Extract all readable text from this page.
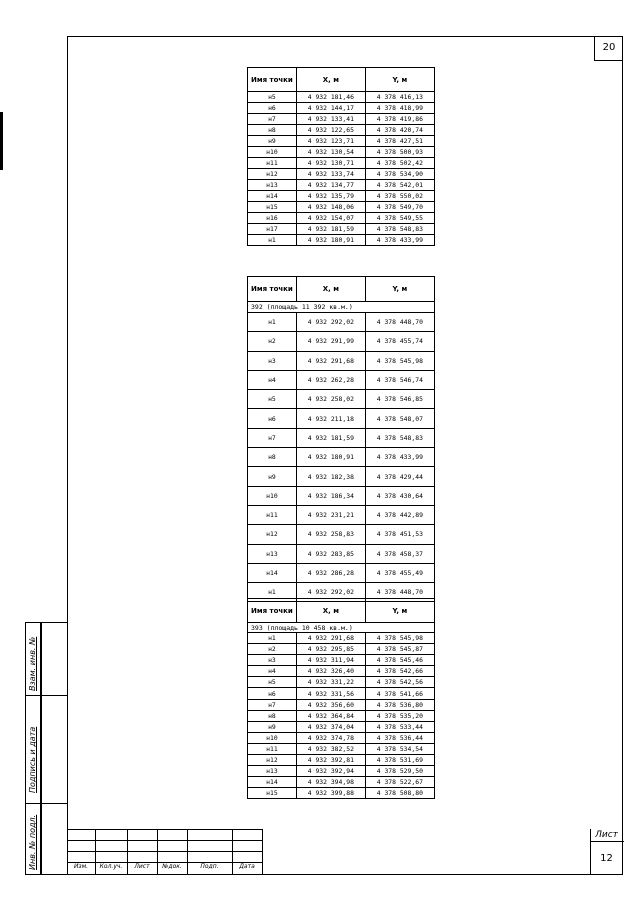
20
Инв. № подл.
Подпись и дата
Взам. инв. №
Имя точки	X, м	Y, м
н5	4 932 181,46	4 378 416,13
н6	4 932 144,17	4 378 418,99
н7	4 932 133,41	4 378 419,86
н8	4 932 122,65	4 378 420,74
н9	4 932 123,71	4 378 427,51
н10	4 932 130,54	4 378 500,93
н11	4 932 130,71	4 378 502,42
н12	4 932 133,74	4 378 534,90
н13	4 932 134,77	4 378 542,01
н14	4 932 135,79	4 378 550,02
н15	4 932 148,06	4 378 549,70
н16	4 932 154,07	4 378 549,55
н17	4 932 181,59	4 378 548,83
н1	4 932 180,91	4 378 433,99
Имя точки	X, м	Y, м
392 (площадь 11 392 кв.м.)		
н1	4 932 292,02	4 378 448,70
н2	4 932 291,99	4 378 455,74
н3	4 932 291,68	4 378 545,98
н4	4 932 262,28	4 378 546,74
н5	4 932 258,02	4 378 546,85
н6	4 932 211,18	4 378 548,07
н7	4 932 181,59	4 378 548,83
н8	4 932 180,91	4 378 433,99
н9	4 932 182,38	4 378 429,44
н10	4 932 186,34	4 378 430,64
н11	4 932 231,21	4 378 442,89
н12	4 932 258,83	4 378 451,53
н13	4 932 283,85	4 378 458,37
н14	4 932 286,28	4 378 455,49
н1	4 932 292,02	4 378 448,70
Имя точки	X, м	Y, м
393 (площадь 10 458 кв.м.)		
н1	4 932 291,68	4 378 545,98
н2	4 932 295,85	4 378 545,87
н3	4 932 311,94	4 378 545,46
н4	4 932 326,40	4 378 542,66
н5	4 932 331,22	4 378 542,56
н6	4 932 331,56	4 378 541,66
н7	4 932 356,60	4 378 536,80
н8	4 932 364,84	4 378 535,20
н9	4 932 374,04	4 378 533,44
н10	4 932 374,78	4 378 536,44
н11	4 932 382,52	4 378 534,54
н12	4 932 392,81	4 378 531,69
н13	4 932 392,94	4 378 529,50
н14	4 932 394,98	4 378 522,67
н15	4 932 399,88	4 378 508,80
Изм.	Кол.уч.	Лист	№док.	Подп.	Дата
Лист
12
